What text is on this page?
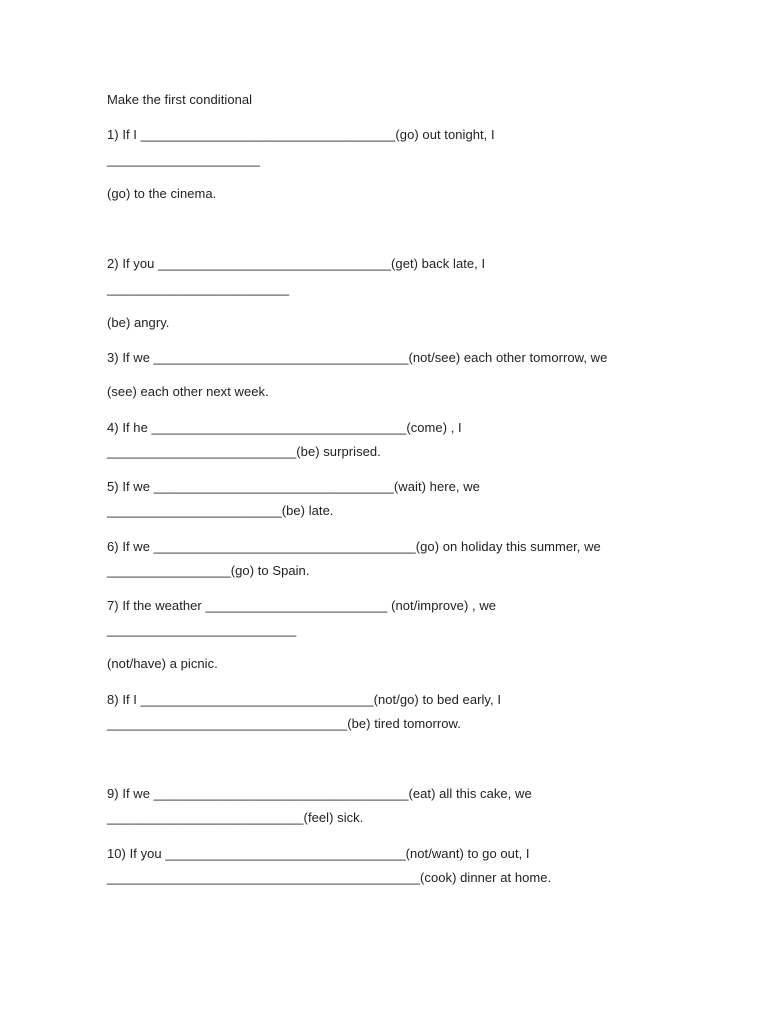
Make the first conditional

1) If I ___________________________________(go) out tonight, I

_____________________

(go) to the cinema.

2) If you ________________________________(get) back late, I

_________________________

(be) angry.

3) If we ___________________________________(not/see) each other tomorrow, we

(see) each other next week.

4) If he ___________________________________(come) , I

__________________________(be) surprised.

5) If we _________________________________(wait) here, we

________________________(be) late.

6) If we ____________________________________(go) on holiday this summer, we

_________________(go) to Spain.

7) If the weather _________________________ (not/improve) , we

__________________________

(not/have) a picnic.

8) If I ________________________________(not/go) to bed early, I

_________________________________(be) tired tomorrow.

9) If we ___________________________________(eat) all this cake, we

___________________________(feel) sick.

10) If you _________________________________(not/want) to go out, I

___________________________________________(cook) dinner at home.
